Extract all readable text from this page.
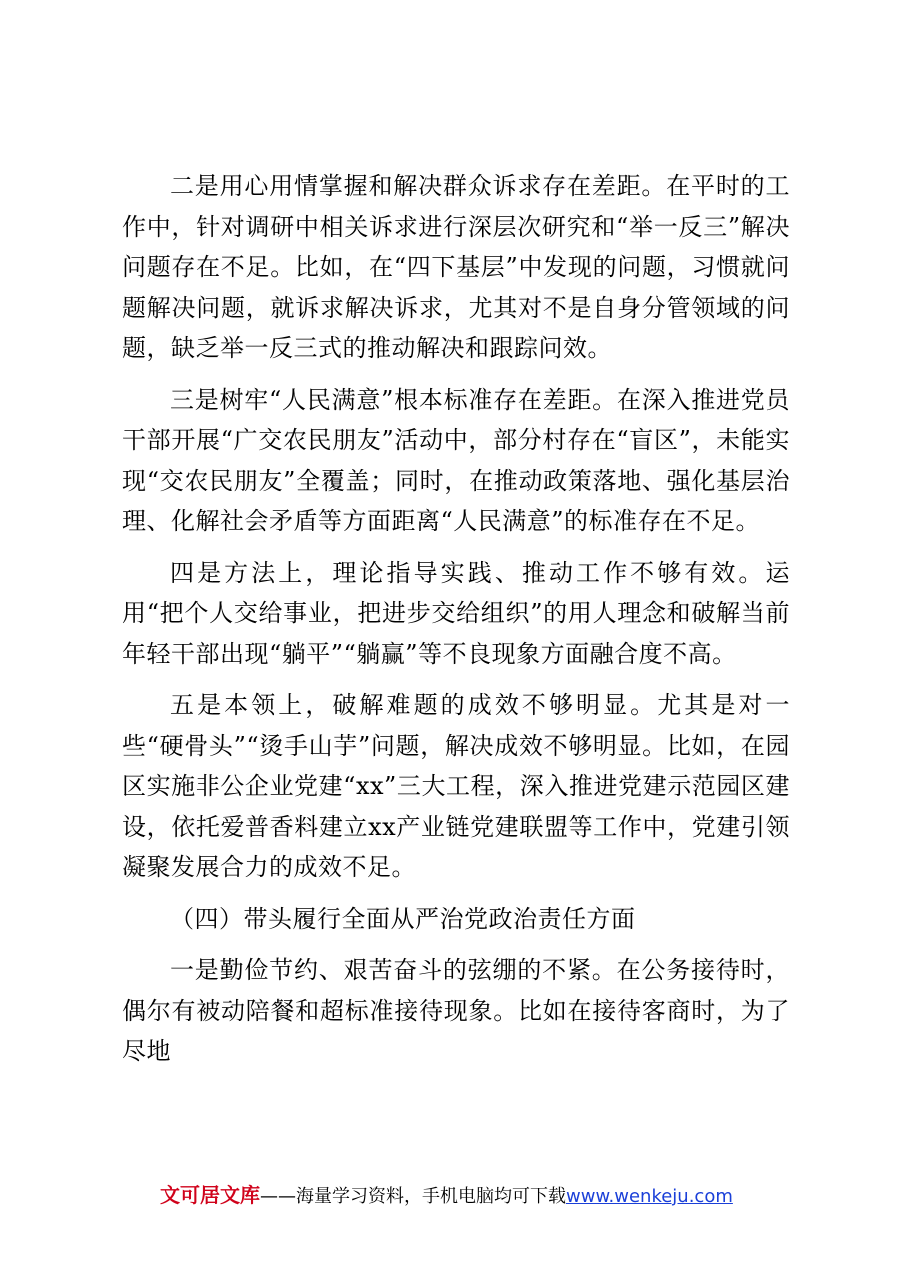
二是用心用情掌握和解决群众诉求存在差距。在平时的工作中，针对调研中相关诉求进行深层次研究和“举一反三”解决问题存在不足。比如，在“四下基层”中发现的问题，习惯就问题解决问题，就诉求解决诉求，尤其对不是自身分管领域的问题，缺乏举一反三式的推动解决和跟踪问效。

三是树牢“人民满意”根本标准存在差距。在深入推进党员干部开展“广交农民朋友”活动中，部分村存在“盲区”，未能实现“交农民朋友”全覆盖；同时，在推动政策落地、强化基层治理、化解社会矛盾等方面距离“人民满意”的标准存在不足。

四是方法上，理论指导实践、推动工作不够有效。运用“把个人交给事业，把进步交给组织”的用人理念和破解当前年轻干部出现“躺平”“躺赢”等不良现象方面融合度不高。

五是本领上，破解难题的成效不够明显。尤其是对一些“硬骨头”“烫手山芋”问题，解决成效不够明显。比如，在园区实施非公企业党建“xx”三大工程，深入推进党建示范园区建设，依托爱普香料建立xx产业链党建联盟等工作中，党建引领凝聚发展合力的成效不足。

（四）带头履行全面从严治党政治责任方面

一是勤俭节约、艰苦奋斗的弦绷的不紧。在公务接待时，偶尔有被动陪餐和超标准接待现象。比如在接待客商时，为了尽地

文可居文库——海量学习资料，手机电脑均可下载www.wenkeju.com
